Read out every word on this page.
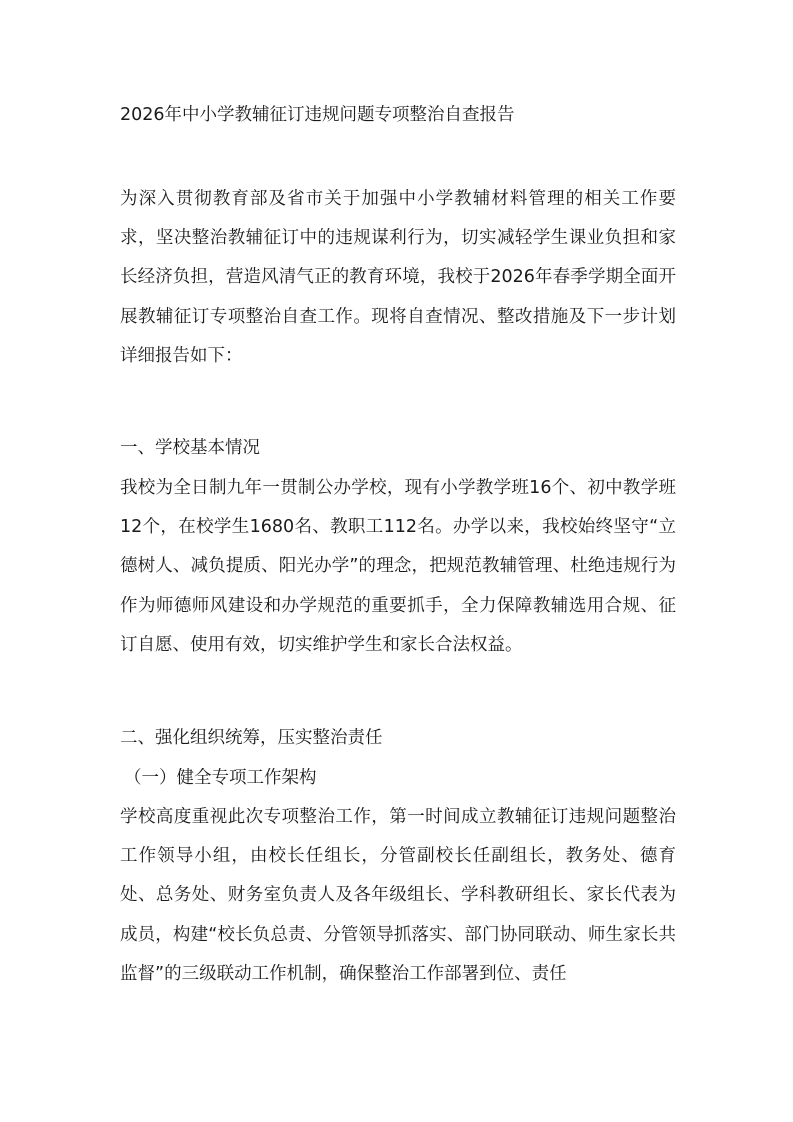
2026年中小学教辅征订违规问题专项整治自查报告

为深入贯彻教育部及省市关于加强中小学教辅材料管理的相关工作要求，坚决整治教辅征订中的违规谋利行为，切实减轻学生课业负担和家长经济负担，营造风清气正的教育环境，我校于2026年春季学期全面开展教辅征订专项整治自查工作。现将自查情况、整改措施及下一步计划详细报告如下：

一、学校基本情况

我校为全日制九年一贯制公办学校，现有小学教学班16个、初中教学班12个，在校学生1680名、教职工112名。办学以来，我校始终坚守“立德树人、减负提质、阳光办学”的理念，把规范教辅管理、杜绝违规行为作为师德师风建设和办学规范的重要抓手，全力保障教辅选用合规、征订自愿、使用有效，切实维护学生和家长合法权益。

二、强化组织统筹，压实整治责任
（一）健全专项工作架构

学校高度重视此次专项整治工作，第一时间成立教辅征订违规问题整治工作领导小组，由校长任组长，分管副校长任副组长，教务处、德育处、总务处、财务室负责人及各年级组长、学科教研组长、家长代表为成员，构建“校长负总责、分管领导抓落实、部门协同联动、师生家长共监督”的三级联动工作机制，确保整治工作部署到位、责任
